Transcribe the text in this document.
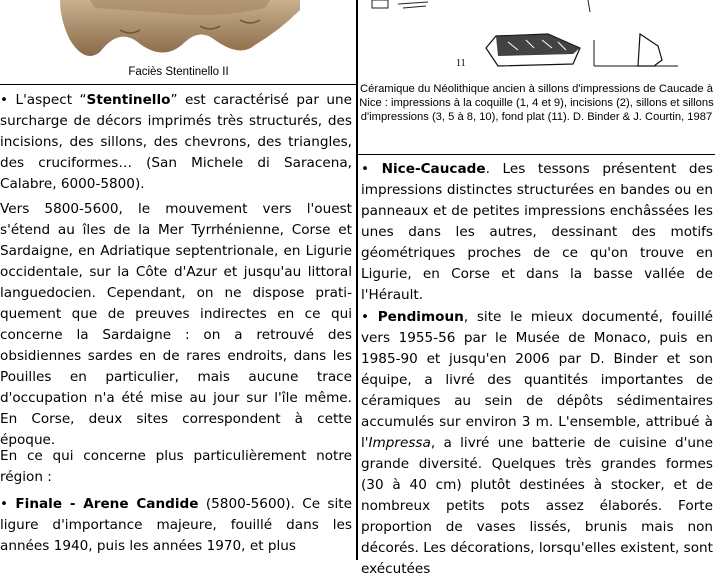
Faciès Stentinello II

• L'aspect “Stentinello” est caractérisé par une surcharge de décors imprimés très structurés, des incisions, des sillons, des chevrons, des triangles, des cruciformes… (San Michele di Saracena, Calabre, 6000-5800).

Vers 5800-5600, le mouvement vers l'ouest s'étend au îles de la Mer Tyrrhénienne, Corse et Sardaigne, en Adriatique septentrionale, en Ligurie occidentale, sur la Côte d'Azur et jusqu'au littoral languedocien. Cependant, on ne dispose prati-quement que de preuves indirectes en ce qui concerne la Sardaigne : on a retrouvé des obsidiennes sardes en de rares endroits, dans les Pouilles en particulier, mais aucune trace d'occupation n'a été mise au jour sur l'île même. En Corse, deux sites correspondent à cette époque.

En ce qui concerne plus particulièrement notre région :

• Finale - Arene Candide (5800-5600). Ce site ligure d'importance majeure, fouillé dans les années 1940, puis les années 1970, et plus

11
Céramique du Néolithique ancien à sillons d'impressions de Caucade à Nice : impressions à la coquille (1, 4 et 9), incisions (2), sillons et sillons d'impressions (3, 5 à 8, 10), fond plat (11). D. Binder & J. Courtin, 1987

• Nice-Caucade. Les tessons présentent des impressions distinctes structurées en bandes ou en panneaux et de petites impressions enchâssées les unes dans les autres, dessinant des motifs géométriques proches de ce qu'on trouve en Ligurie, en Corse et dans la basse vallée de l'Hérault.

• Pendimoun, site le mieux documenté, fouillé vers 1955-56 par le Musée de Monaco, puis en 1985-90 et jusqu'en 2006 par D. Binder et son équipe, a livré des quantités importantes de céramiques au sein de dépôts sédimentaires accumulés sur environ 3 m. L'ensemble, attribué à l'Impressa, a livré une batterie de cuisine d'une grande diversité. Quelques très grandes formes (30 à 40 cm) plutôt destinées à stocker, et de nombreux petits pots assez élaborés. Forte proportion de vases lissés, brunis mais non décorés. Les décorations, lorsqu'elles existent, sont exécutées
